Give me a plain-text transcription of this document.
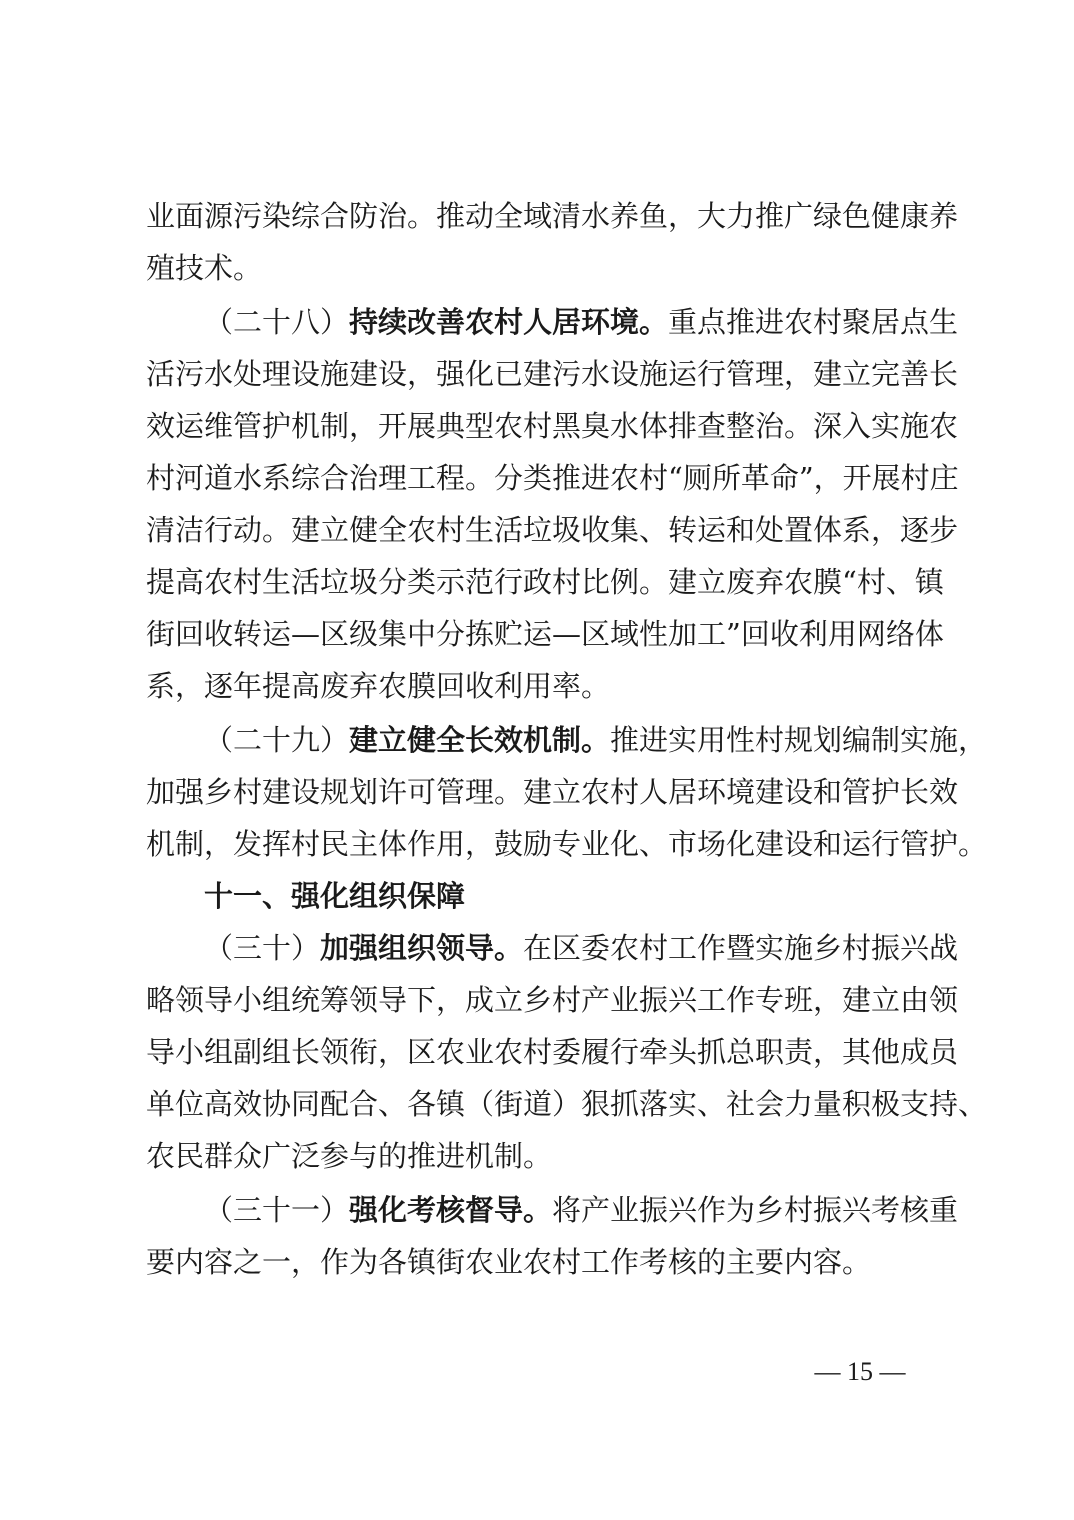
业面源污染综合防治。推动全域清水养鱼，大力推广绿色健康养
殖技术。
（二十八）持续改善农村人居环境。重点推进农村聚居点生
活污水处理设施建设，强化已建污水设施运行管理，建立完善长
效运维管护机制，开展典型农村黑臭水体排查整治。深入实施农
村河道水系综合治理工程。分类推进农村“厕所革命”，开展村庄
清洁行动。建立健全农村生活垃圾收集、转运和处置体系，逐步
提高农村生活垃圾分类示范行政村比例。建立废弃农膜“村、镇
街回收转运—区级集中分拣贮运—区域性加工”回收利用网络体
系，逐年提高废弃农膜回收利用率。
（二十九）建立健全长效机制。推进实用性村规划编制实施，
加强乡村建设规划许可管理。建立农村人居环境建设和管护长效
机制，发挥村民主体作用，鼓励专业化、市场化建设和运行管护。
十一、强化组织保障
（三十）加强组织领导。在区委农村工作暨实施乡村振兴战
略领导小组统筹领导下，成立乡村产业振兴工作专班，建立由领
导小组副组长领衔，区农业农村委履行牵头抓总职责，其他成员
单位高效协同配合、各镇（街道）狠抓落实、社会力量积极支持、
农民群众广泛参与的推进机制。
（三十一）强化考核督导。将产业振兴作为乡村振兴考核重
要内容之一，作为各镇街农业农村工作考核的主要内容。
— 15 —
